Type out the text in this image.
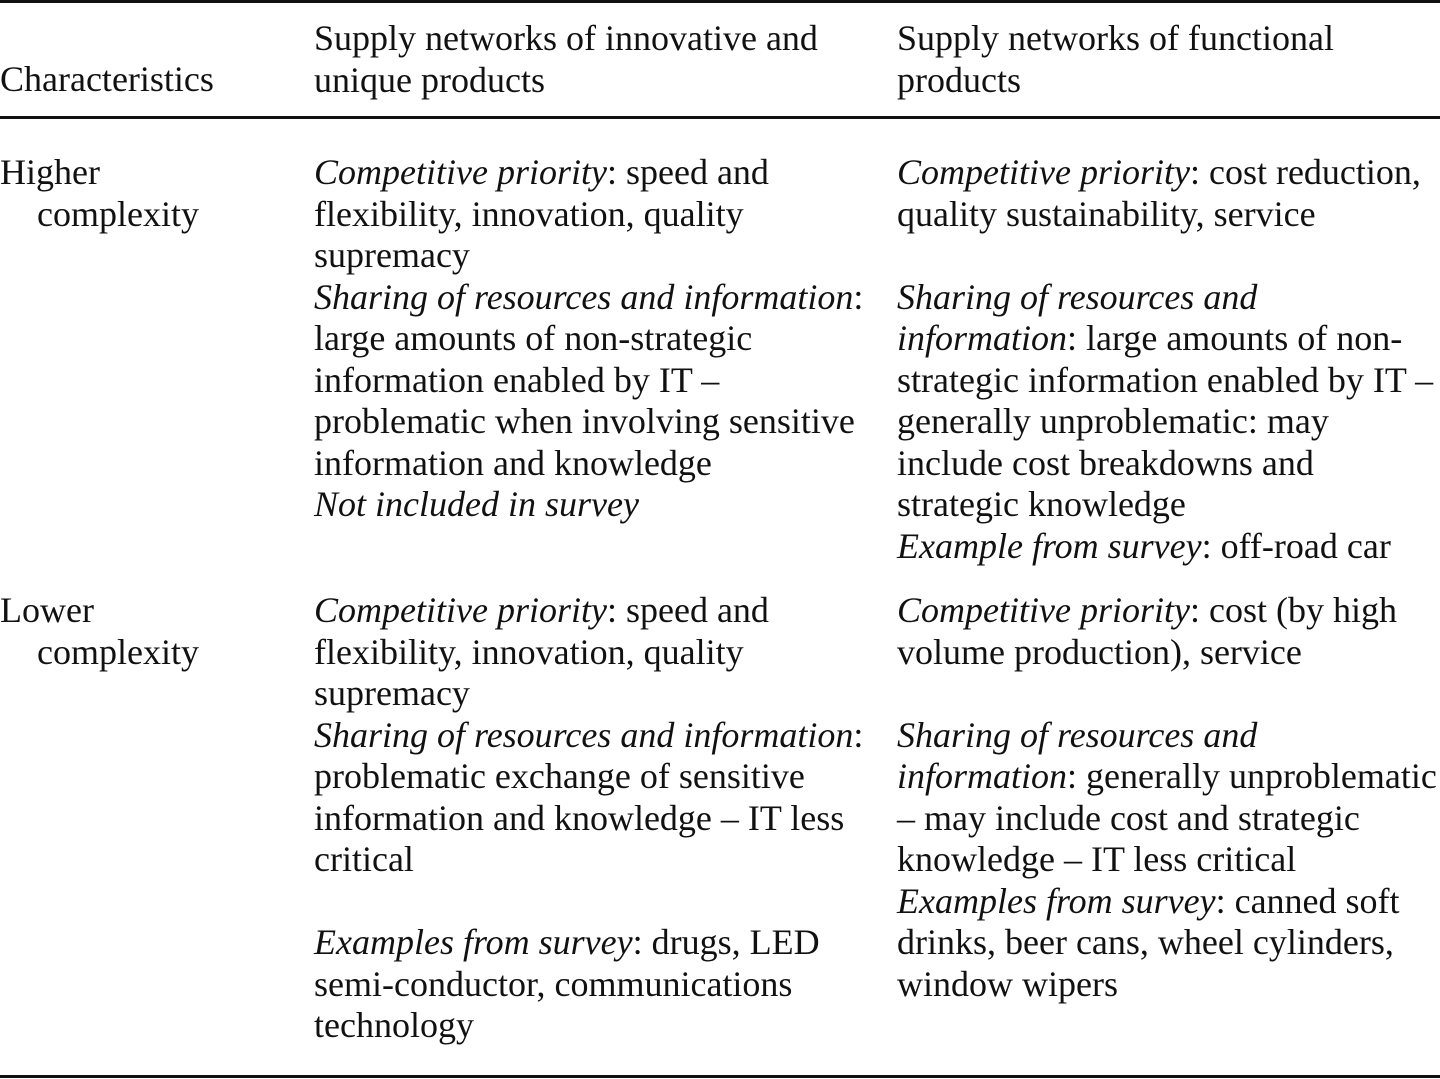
Characteristics
Supply networks of innovative and unique products
Supply networks of functional products
Higher
complexity
Competitive priority: speed and flexibility, innovation, quality supremacy
Sharing of resources and information: large amounts of non-strategic information enabled by IT – problematic when involving sensitive information and knowledge
Not included in survey
Competitive priority: cost reduction, quality sustainability, service
Sharing of resources and information: large amounts of non-strategic information enabled by IT – generally unproblematic: may include cost breakdowns and strategic knowledge
Example from survey: off-road car
Lower
complexity
Competitive priority: speed and flexibility, innovation, quality supremacy
Sharing of resources and information: problematic exchange of sensitive information and knowledge – IT less critical
Examples from survey: drugs, LED semi-conductor, communications technology
Competitive priority: cost (by high volume production), service
Sharing of resources and information: generally unproblematic – may include cost and strategic knowledge – IT less critical
Examples from survey: canned soft drinks, beer cans, wheel cylinders, window wipers
